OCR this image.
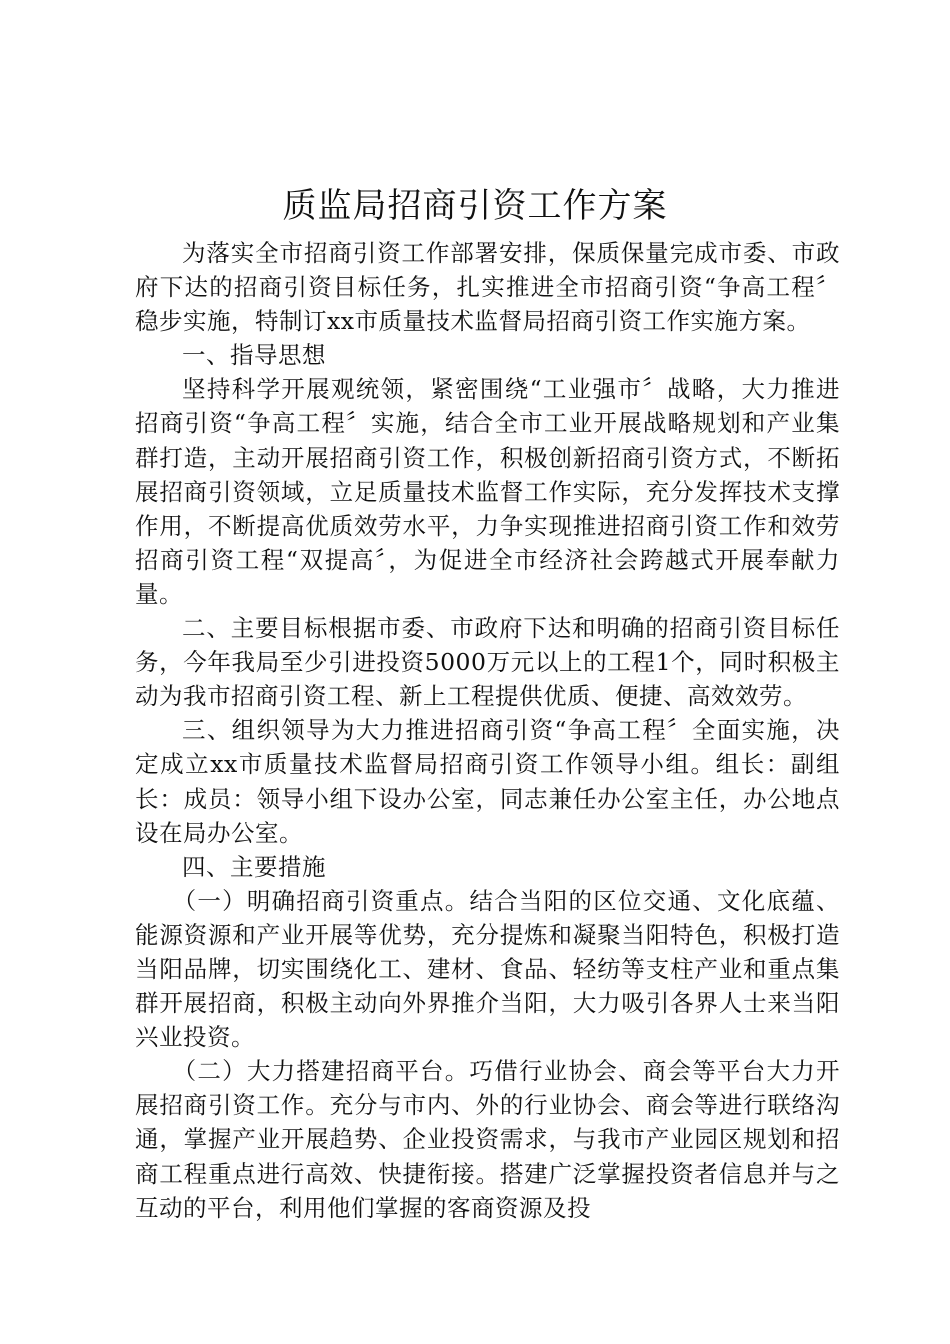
质监局招商引资工作方案

为落实全市招商引资工作部署安排，保质保量完成市委、市政府下达的招商引资目标任务，扎实推进全市招商引资“争高工程〞稳步实施，特制订xx市质量技术监督局招商引资工作实施方案。

一、指导思想

坚持科学开展观统领，紧密围绕“工业强市〞战略，大力推进招商引资“争高工程〞实施，结合全市工业开展战略规划和产业集群打造，主动开展招商引资工作，积极创新招商引资方式，不断拓展招商引资领域，立足质量技术监督工作实际，充分发挥技术支撑作用，不断提高优质效劳水平，力争实现推进招商引资工作和效劳招商引资工程“双提高〞，为促进全市经济社会跨越式开展奉献力量。

二、主要目标根据市委、市政府下达和明确的招商引资目标任务，今年我局至少引进投资5000万元以上的工程1个，同时积极主动为我市招商引资工程、新上工程提供优质、便捷、高效效劳。

三、组织领导为大力推进招商引资“争高工程〞全面实施，决定成立xx市质量技术监督局招商引资工作领导小组。组长：副组长：成员：领导小组下设办公室，同志兼任办公室主任，办公地点设在局办公室。

四、主要措施

（一）明确招商引资重点。结合当阳的区位交通、文化底蕴、能源资源和产业开展等优势，充分提炼和凝聚当阳特色，积极打造当阳品牌，切实围绕化工、建材、食品、轻纺等支柱产业和重点集群开展招商，积极主动向外界推介当阳，大力吸引各界人士来当阳兴业投资。

（二）大力搭建招商平台。巧借行业协会、商会等平台大力开展招商引资工作。充分与市内、外的行业协会、商会等进行联络沟通，掌握产业开展趋势、企业投资需求，与我市产业园区规划和招商工程重点进行高效、快捷衔接。搭建广泛掌握投资者信息并与之互动的平台，利用他们掌握的客商资源及投
